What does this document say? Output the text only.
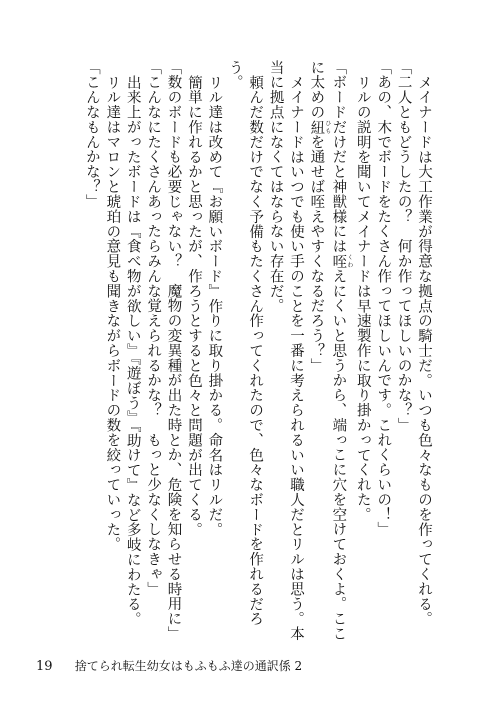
メイナードは大工作業が得意な拠点の騎士だ。いつも色々なものを作ってくれる。

「二人ともどうしたの？　何か作ってほしいのかな？」

「あの、木でボードをたくさん作ってほしいんです。これくらいの！」

リルの説明を聞いてメイナードは早速製作に取り掛かってくれた。

「ボードだけだと神獣様には咥 くわえにくいと思うから、端っこに穴を空けておくよ。ここに太めの紐 ひもを通せば咥えやすくなるだろう？」

メイナードはいつでも使い手のことを一番に考えられるいい職人だとリルは思う。本当に拠点になくてはならない存在だ。

頼んだ数だけでなく予備もたくさん作ってくれたので、色々なボードを作れるだろう。

リル達は改めて『お願いボード』作りに取り掛かる。命名はリルだ。

簡単に作れるかと思ったが、作ろうとすると色々と問題が出てくる。

「数のボードも必要じゃない？　魔物の変異種が出た時とか、危険を知らせる時用に」

「こんなにたくさんあったらみんな覚えられるかな？　もっと少なくしなきゃ」

出来上がったボードは『食べ物が欲しい』『遊ぼう』『助けて』など多岐にわたる。

リル達はマロンと琥珀の意見も聞きながらボードの数を絞っていった。

「こんなもんかな？」

19 捨てられ転生幼女はもふもふ達の通訳係 2
